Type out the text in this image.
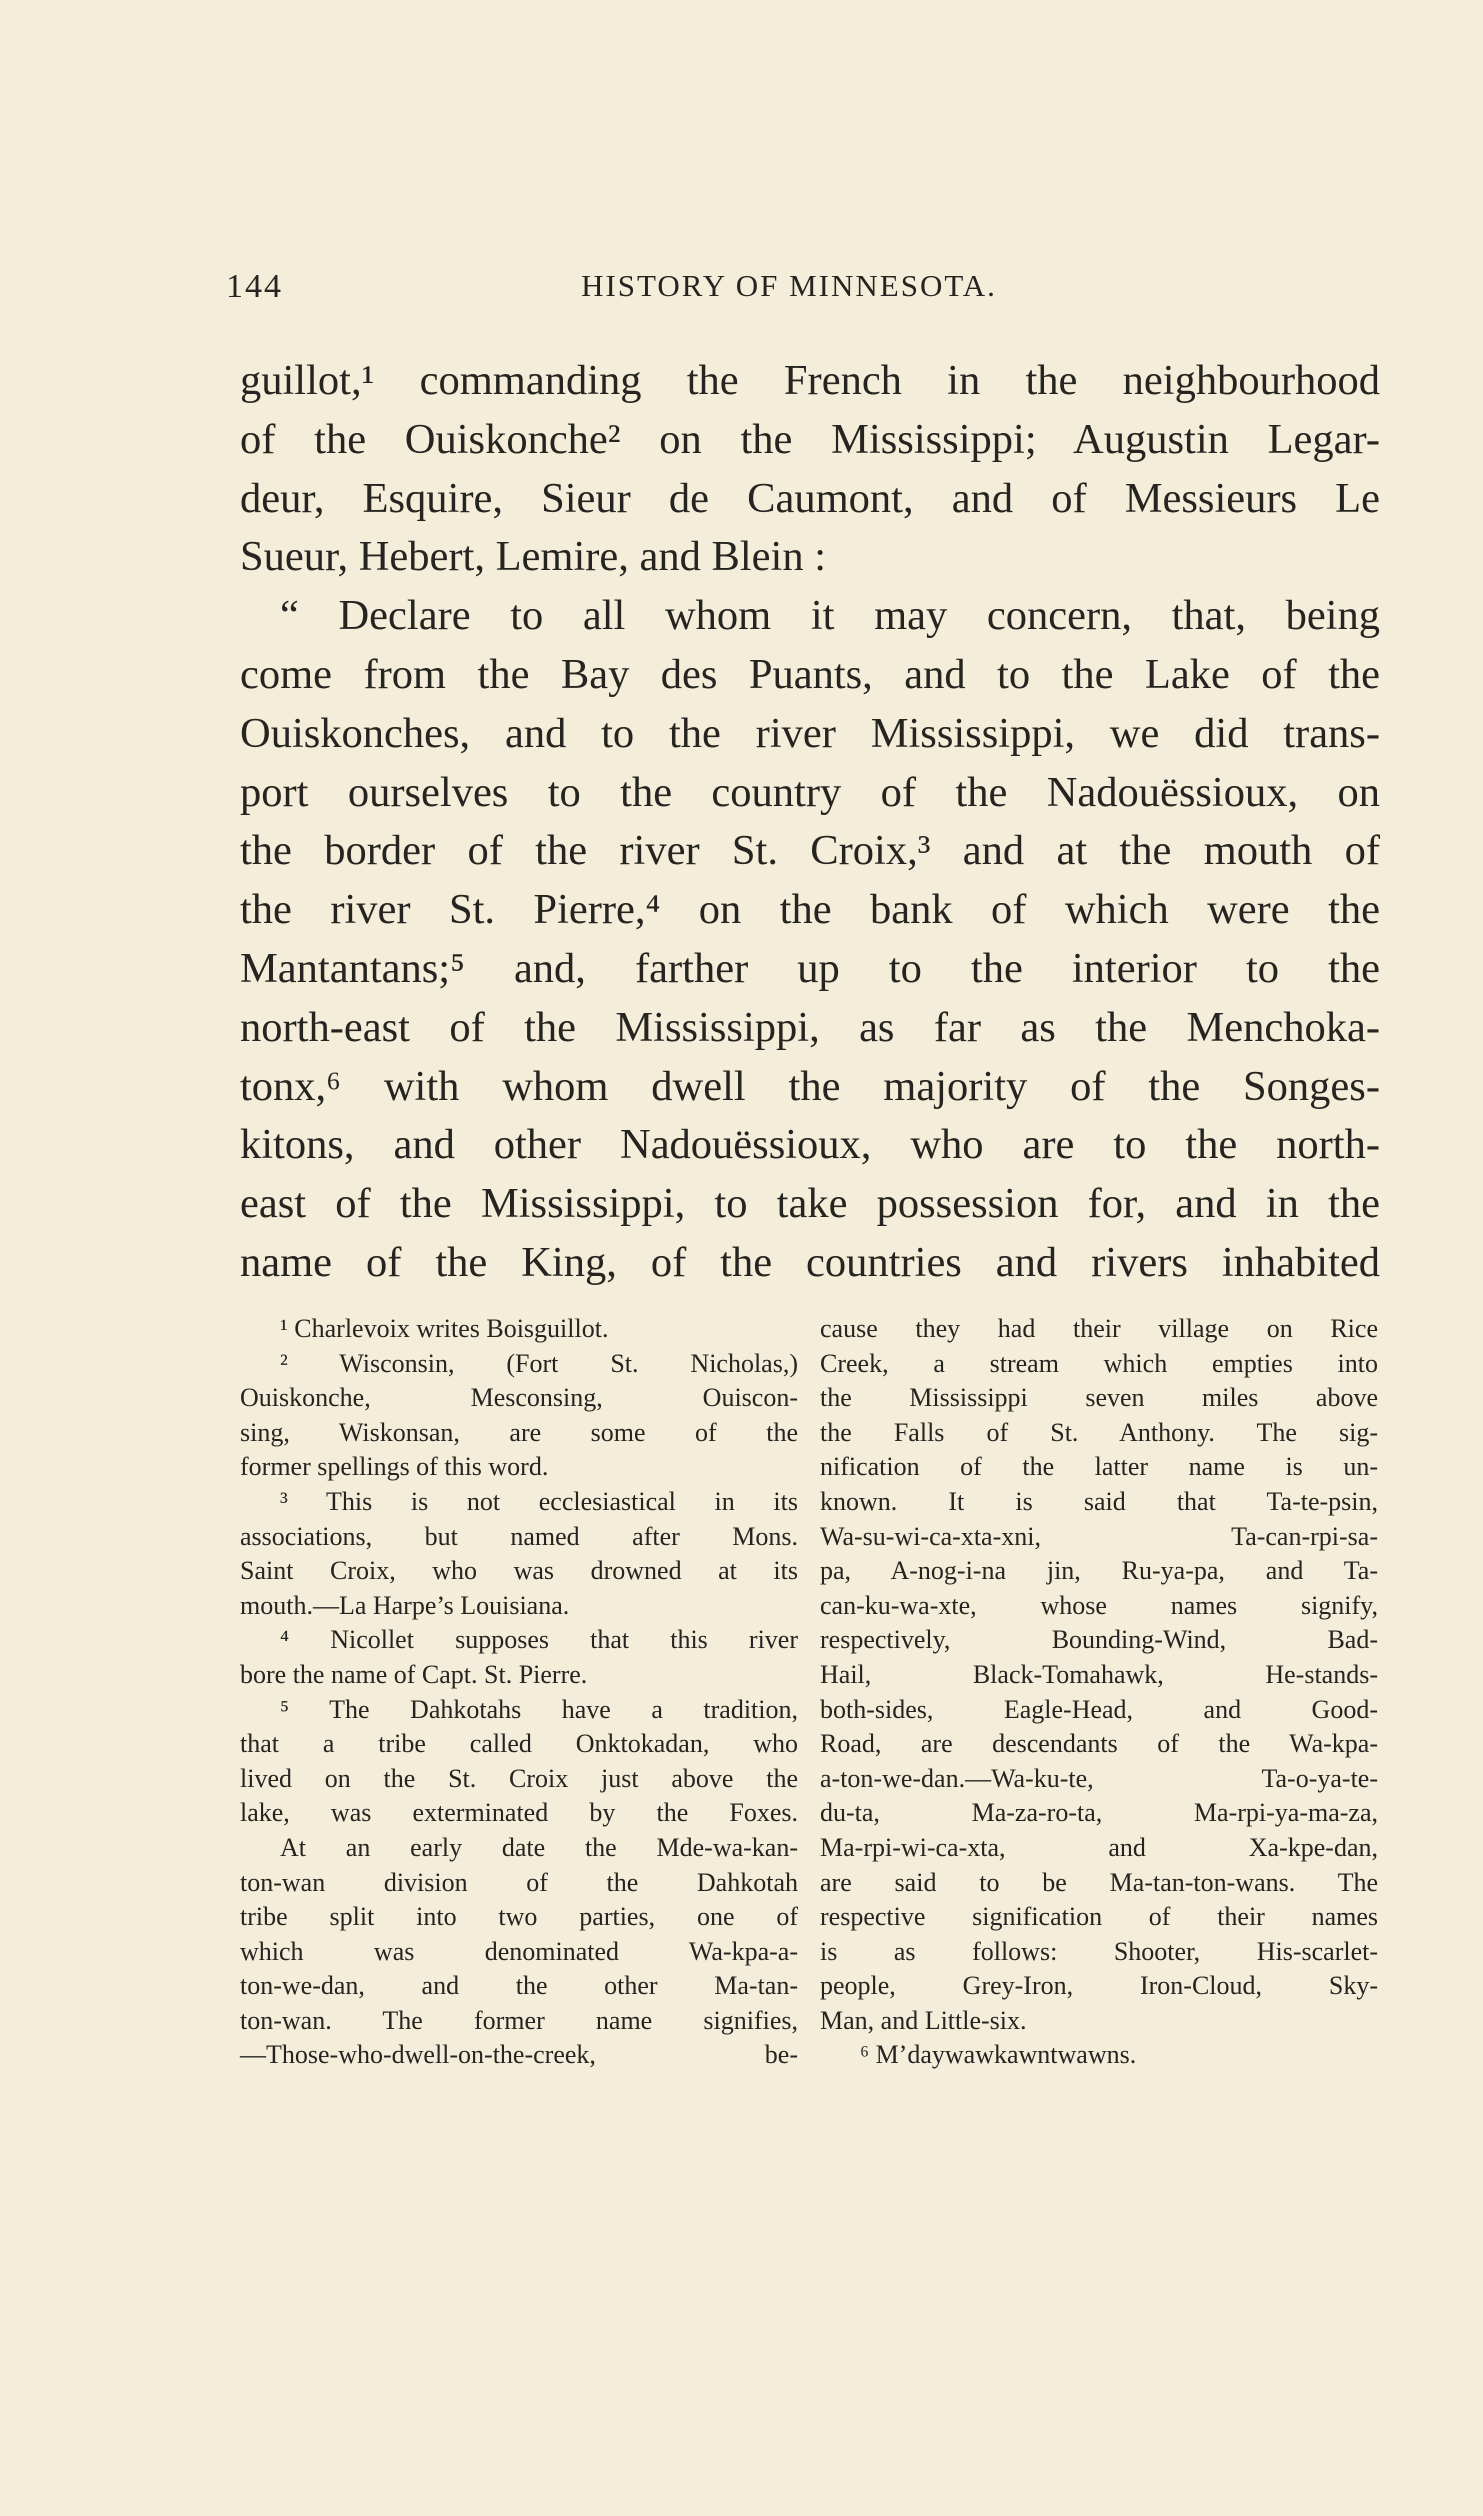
144	HISTORY OF MINNESOTA.
guillot,¹ commanding the French in the neighbourhood
of the Ouiskonche² on the Mississippi; Augustin Legar-
deur, Esquire, Sieur de Caumont, and of Messieurs Le
Sueur, Hebert, Lemire, and Blein :
“ Declare to all whom it may concern, that, being
come from the Bay des Puants, and to the Lake of the
Ouiskonches, and to the river Mississippi, we did trans-
port ourselves to the country of the Nadouëssioux, on
the border of the river St. Croix,³ and at the mouth of
the river St. Pierre,⁴ on the bank of which were the
Mantantans;⁵ and, farther up to the interior to the
north-east of the Mississippi, as far as the Menchoka-
tonx,⁶ with whom dwell the majority of the Songes-
kitons, and other Nadouëssioux, who are to the north-
east of the Mississippi, to take possession for, and in the
name of the King, of the countries and rivers inhabited
¹ Charlevoix writes Boisguillot.
² Wisconsin, (Fort St. Nicholas,)
Ouiskonche, Mesconsing, Ouiscon-
sing, Wiskonsan, are some of the
former spellings of this word.
³ This is not ecclesiastical in its
associations, but named after Mons.
Saint Croix, who was drowned at its
mouth.—La Harpe’s Louisiana.
⁴ Nicollet supposes that this river
bore the name of Capt. St. Pierre.
⁵ The Dahkotahs have a tradition,
that a tribe called Onktokadan, who
lived on the St. Croix just above the
lake, was exterminated by the Foxes.
At an early date the Mde-wa-kan-
ton-wan division of the Dahkotah
tribe split into two parties, one of
which was denominated Wa-kpa-a-
ton-we-dan, and the other Ma-tan-
ton-wan. The former name signifies,
—Those-who-dwell-on-the-creek, be-
cause they had their village on Rice
Creek, a stream which empties into
the Mississippi seven miles above
the Falls of St. Anthony. The sig-
nification of the latter name is un-
known. It is said that Ta-te-psin,
Wa-su-wi-ca-xta-xni, Ta-can-rpi-sa-
pa, A-nog-i-na jin, Ru-ya-pa, and Ta-
can-ku-wa-xte, whose names signify,
respectively, Bounding-Wind, Bad-
Hail, Black-Tomahawk, He-stands-
both-sides, Eagle-Head, and Good-
Road, are descendants of the Wa-kpa-
a-ton-we-dan.—Wa-ku-te, Ta-o-ya-te-
du-ta, Ma-za-ro-ta, Ma-rpi-ya-ma-za,
Ma-rpi-wi-ca-xta, and Xa-kpe-dan,
are said to be Ma-tan-ton-wans. The
respective signification of their names
is as follows: Shooter, His-scarlet-
people, Grey-Iron, Iron-Cloud, Sky-
Man, and Little-six.
⁶ M’daywawkawntwawns.
